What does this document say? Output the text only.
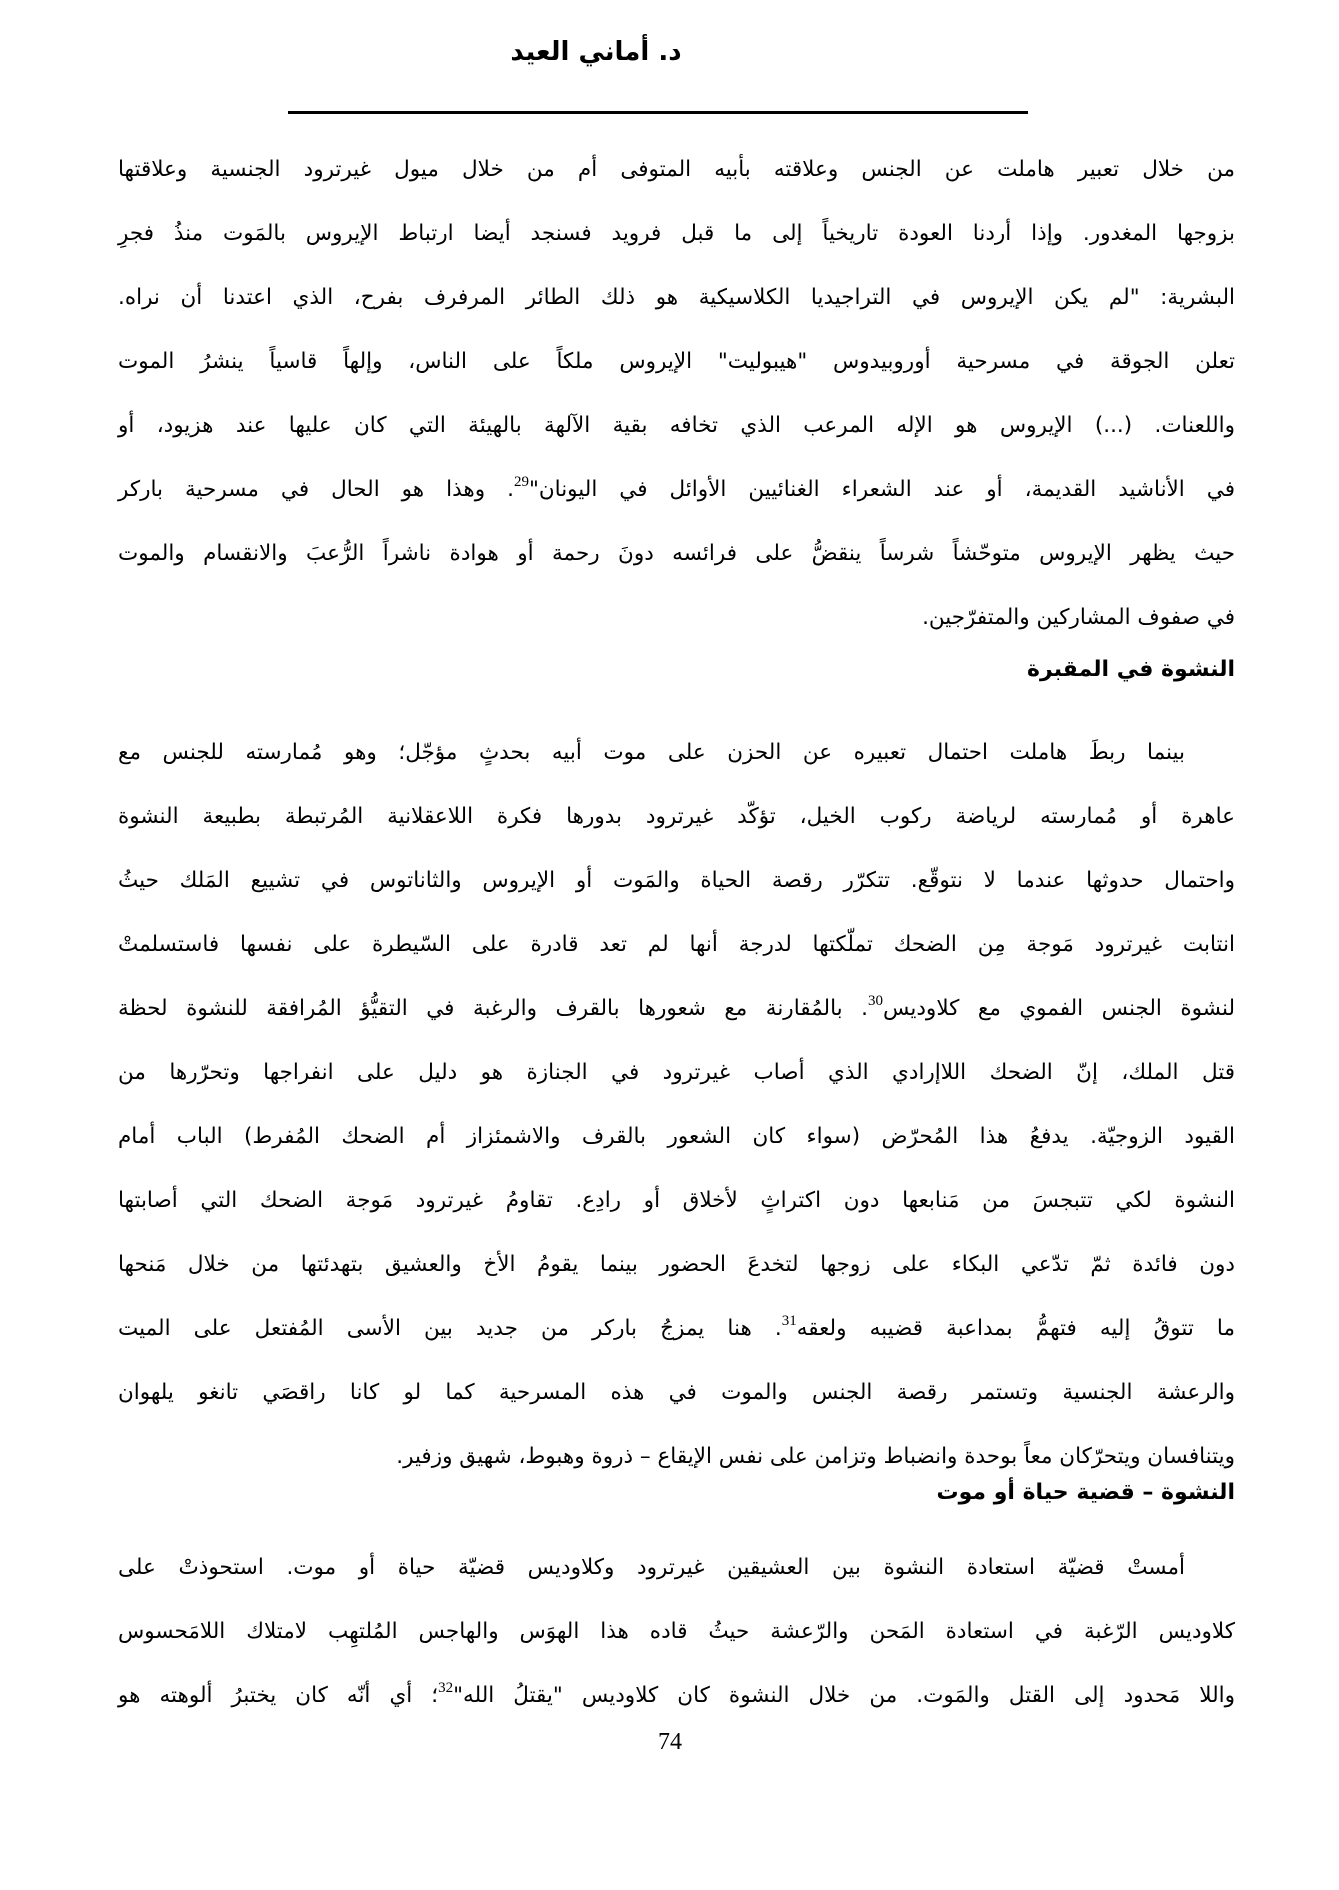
د. أماني العيد
من خلال تعبير هاملت عن الجنس وعلاقته بأبيه المتوفى أم من خلال ميول غيرترود الجنسية وعلاقتها
بزوجها المغدور. وإذا أردنا العودة تاريخياً إلى ما قبل فرويد فسنجد أيضا ارتباط الإيروس بالمَوت منذُ فجرِ
البشرية: "لم يكن الإيروس في التراجيديا الكلاسيكية هو ذلك الطائر المرفرف بفرح، الذي اعتدنا أن نراه.
تعلن الجوقة في مسرحية أوروبيدوس "هيبوليت" الإيروس ملكاً على الناس، وإلهاً قاسياً ينشرُ الموت
واللعنات. (...) الإيروس هو الإله المرعب الذي تخافه بقية الآلهة بالهيئة التي كان عليها عند هزيود، أو
في الأناشيد القديمة، أو عند الشعراء الغنائيين الأوائل في اليونان"$^{29}$. وهذا هو الحال في مسرحية باركر
حيث يظهر الإيروس متوحّشاً شرساً ينقضُّ على فرائسه دونَ رحمة أو هوادة ناشراً الرُّعبَ والانقسام والموت
في صفوف المشاركين والمتفرّجين.
النشوة في المقبرة
بينما ربطَ هاملت احتمال تعبيره عن الحزن على موت أبيه بحدثٍ مؤجّل؛ وهو مُمارسته للجنس مع
عاهرة أو مُمارسته لرياضة ركوب الخيل، تؤكّد غيرترود بدورها فكرة اللاعقلانية المُرتبطة بطبيعة النشوة
واحتمال حدوثها عندما لا نتوقّع. تتكرّر رقصة الحياة والمَوت أو الإيروس والثاناتوس في تشييع المَلك حيثُ
انتابت غيرترود مَوجة مِن الضحك تملّكتها لدرجة أنها لم تعد قادرة على السّيطرة على نفسها فاستسلمتْ
لنشوة الجنس الفموي مع كلاوديس$^{30}$. بالمُقارنة مع شعورها بالقرف والرغبة في التقيُّؤ المُرافقة للنشوة لحظة
قتل الملك، إنّ الضحك اللاإرادي الذي أصاب غيرترود في الجنازة هو دليل على انفراجها وتحرّرها من
القيود الزوجيّة. يدفعُ هذا المُحرّض (سواء كان الشعور بالقرف والاشمئزاز أم الضحك المُفرط) الباب أمام
النشوة لكي تتبجسَ من مَنابعها دون اكتراثٍ لأخلاق أو رادِع. تقاومُ غيرترود مَوجة الضحك التي أصابتها
دون فائدة ثمّ تدّعي البكاء على زوجها لتخدعَ الحضور بينما يقومُ الأخ والعشيق بتهدئتها من خلال مَنحها
ما تتوقُ إليه فتهمُّ بمداعبة قضيبه ولعقه$^{31}$. هنا يمزجُ باركر من جديد بين الأسى المُفتعل على الميت
والرعشة الجنسية وتستمر رقصة الجنس والموت في هذه المسرحية كما لو كانا راقصَي تانغو يلهوان
ويتنافسان ويتحرّكان معاً بوحدة وانضباط وتزامن على نفس الإيقاع – ذروة وهبوط، شهيق وزفير.
النشوة – قضية حياة أو موت
أمستْ قضيّة استعادة النشوة بين العشيقين غيرترود وكلاوديس قضيّة حياة أو موت. استحوذتْ على
كلاوديس الرّغبة في استعادة المَحن والرّعشة حيثُ قاده هذا الهوَس والهاجس المُلتهِب لامتلاك اللامَحسوس
واللا مَحدود إلى القتل والمَوت. من خلال النشوة كان كلاوديس "يقتلُ الله"$^{32}$؛ أي أنّه كان يختبرُ ألوهته هو
74
